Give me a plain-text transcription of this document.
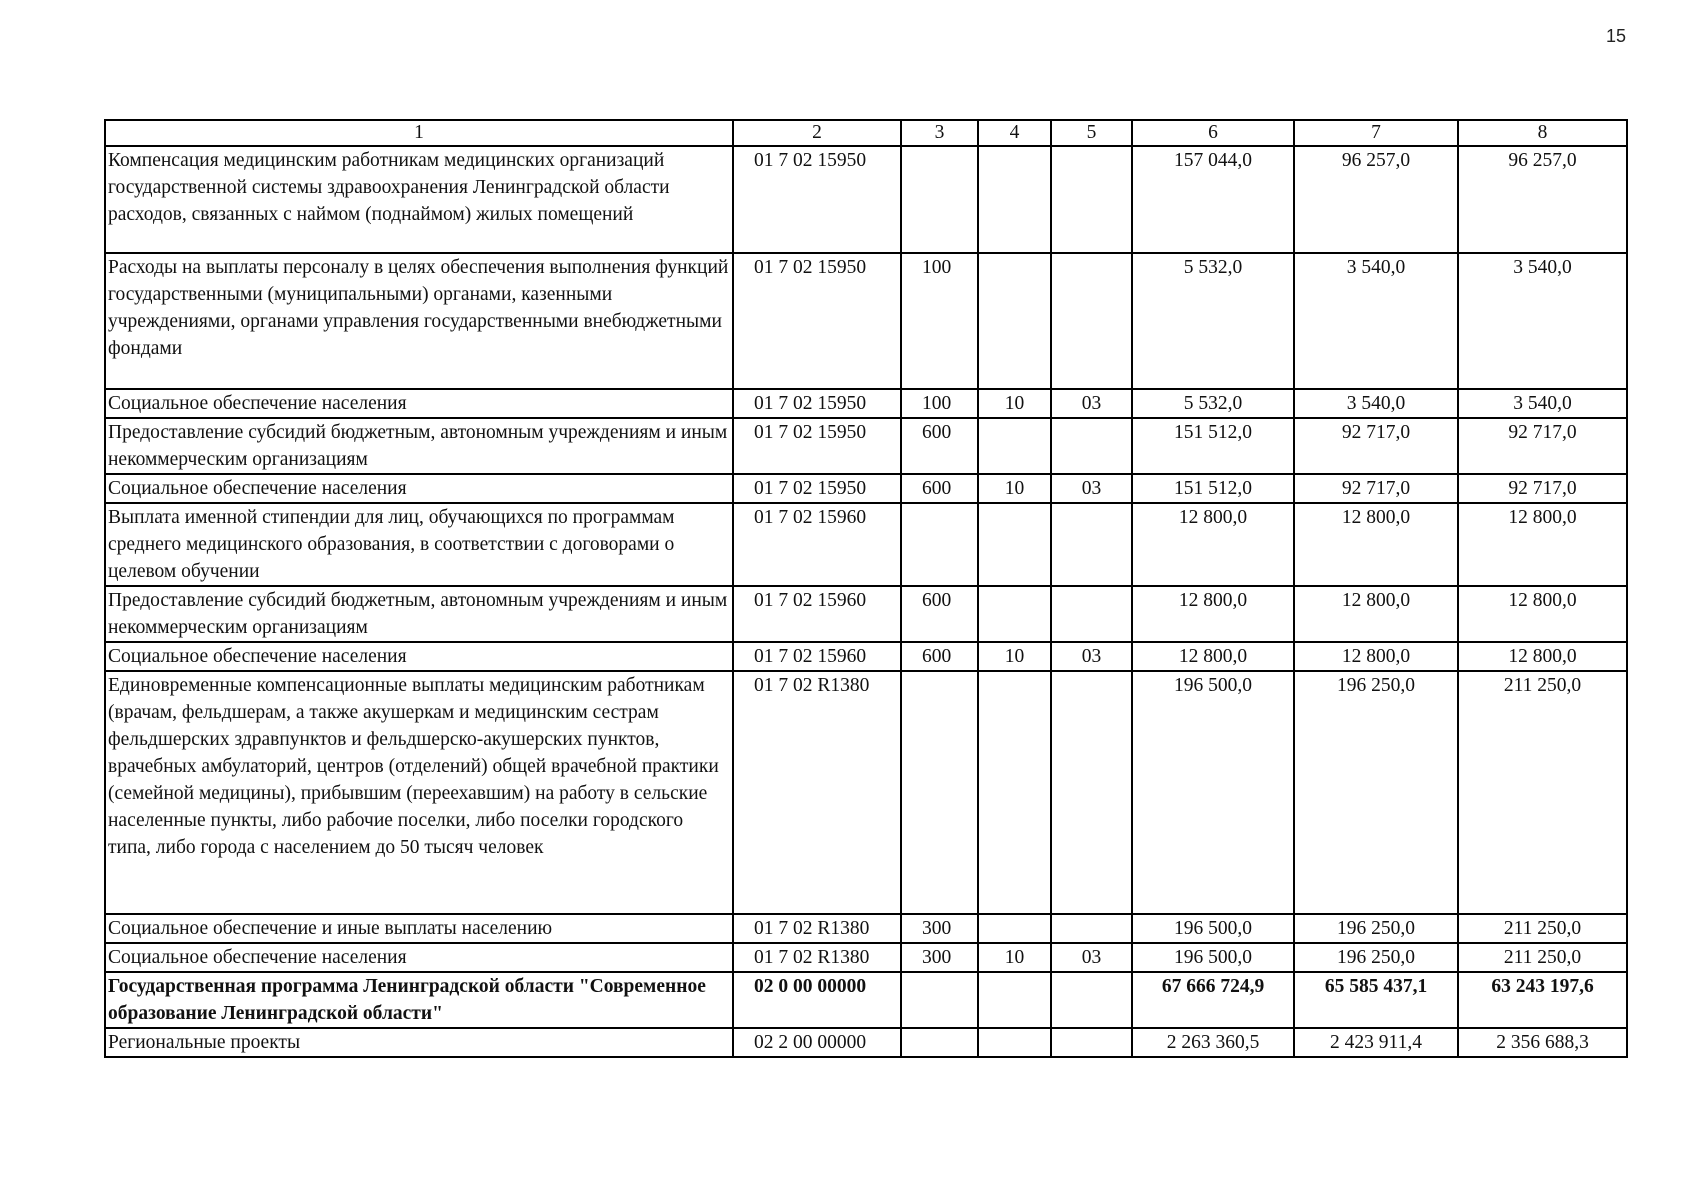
15
1	2	3	4	5	6	7	8
Компенсация медицинским работникам медицинских организаций государственной системы здравоохранения Ленинградской области расходов, связанных с наймом (поднаймом) жилых помещений	01 7 02 15950				157 044,0	96 257,0	96 257,0
Расходы на выплаты персоналу в целях обеспечения выполнения функций государственными (муниципальными) органами, казенными учреждениями, органами управления государственными внебюджетными фондами	01 7 02 15950	100			5 532,0	3 540,0	3 540,0
Социальное обеспечение населения	01 7 02 15950	100	10	03	5 532,0	3 540,0	3 540,0
Предоставление субсидий бюджетным, автономным учреждениям и иным некоммерческим организациям	01 7 02 15950	600			151 512,0	92 717,0	92 717,0
Социальное обеспечение населения	01 7 02 15950	600	10	03	151 512,0	92 717,0	92 717,0
Выплата именной стипендии для лиц, обучающихся по программам среднего медицинского образования, в соответствии с договорами о целевом обучении	01 7 02 15960				12 800,0	12 800,0	12 800,0
Предоставление субсидий бюджетным, автономным учреждениям и иным некоммерческим организациям	01 7 02 15960	600			12 800,0	12 800,0	12 800,0
Социальное обеспечение населения	01 7 02 15960	600	10	03	12 800,0	12 800,0	12 800,0
Единовременные компенсационные выплаты медицинским работникам (врачам, фельдшерам, а также акушеркам и медицинским сестрам фельдшерских здравпунктов и фельдшерско-акушерских пунктов, врачебных амбулаторий, центров (отделений) общей врачебной практики (семейной медицины), прибывшим (переехавшим) на работу в сельские населенные пункты, либо рабочие поселки, либо поселки городского типа, либо города с населением до 50 тысяч человек	01 7 02 R1380				196 500,0	196 250,0	211 250,0
Социальное обеспечение и иные выплаты населению	01 7 02 R1380	300			196 500,0	196 250,0	211 250,0
Социальное обеспечение населения	01 7 02 R1380	300	10	03	196 500,0	196 250,0	211 250,0
Государственная программа Ленинградской области "Современное образование Ленинградской области"	02 0 00 00000				67 666 724,9	65 585 437,1	63 243 197,6
Региональные проекты	02 2 00 00000				2 263 360,5	2 423 911,4	2 356 688,3
